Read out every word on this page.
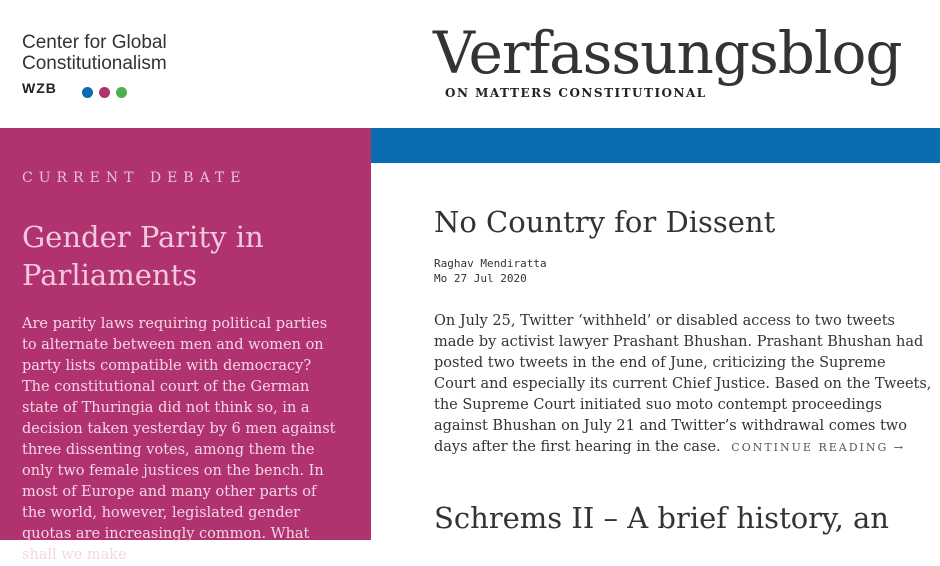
Center for Global
Constitutionalism
WZB
Verfassungsblog
ON MATTERS CONSTITUTIONAL
CURRENT DEBATE
Gender Parity in Parliaments
Are parity laws requiring political parties to alternate between men and women on party lists compatible with democracy? The constitutional court of the German state of Thuringia did not think so, in a decision taken yesterday by 6 men against three dissenting votes, among them the only two female justices on the bench. In most of Europe and many other parts of the world, however, legislated gender quotas are increasingly common. What shall we make
No Country for Dissent
Raghav Mendiratta
Mo 27 Jul 2020
On July 25, Twitter ‘withheld’ or disabled access to two tweets made by activist lawyer Prashant Bhushan. Prashant Bhushan had posted two tweets in the end of June, criticizing the Supreme Court and especially its current Chief Justice. Based on the Tweets, the Supreme Court initiated suo moto contempt proceedings against Bhushan on July 21 and Twitter’s withdrawal comes two days after the first hearing in the case. CONTINUE READING →
Schrems II – A brief history, an
